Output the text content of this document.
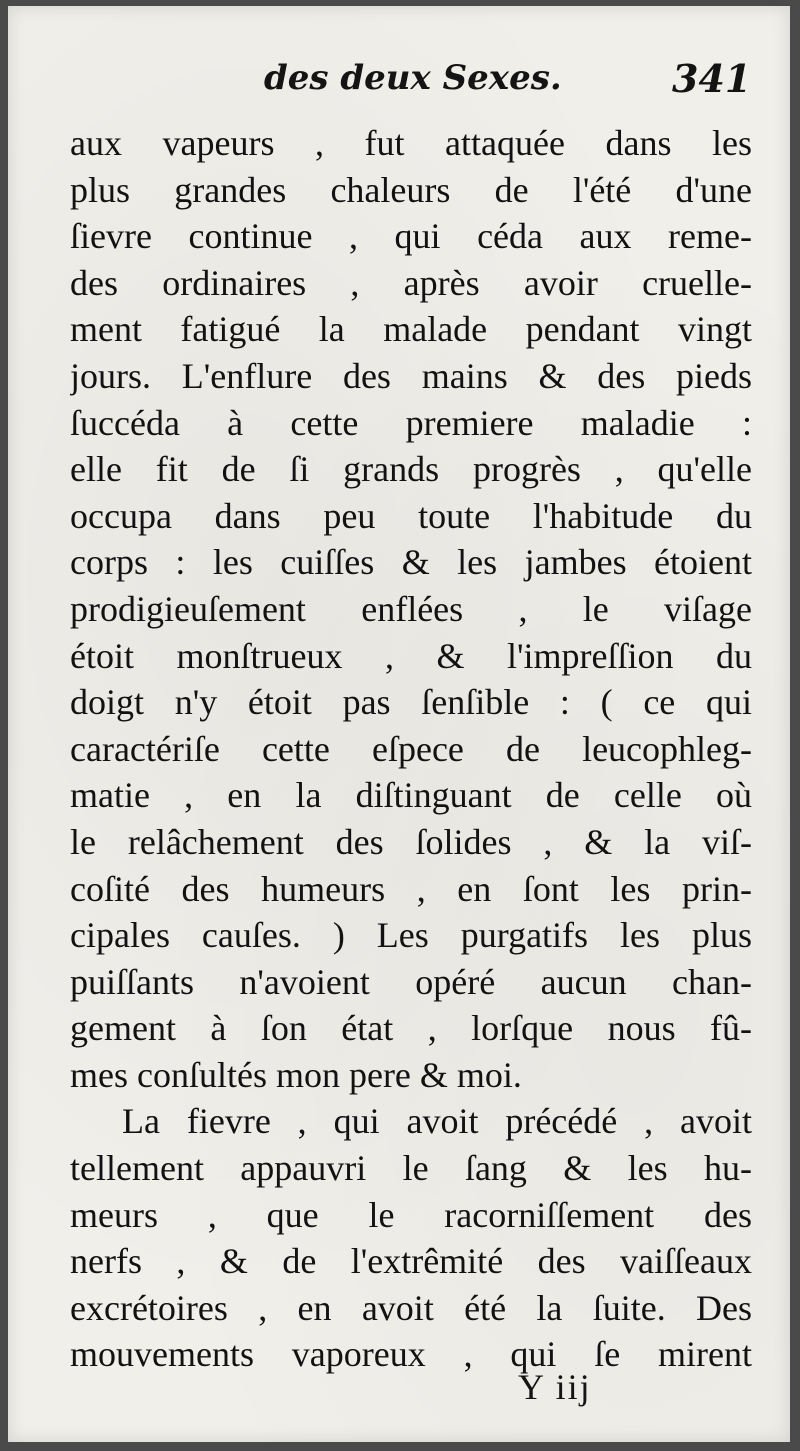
des deux Sexes.	341
aux vapeurs , fut attaquée dans les
plus grandes chaleurs de l'été d'une
ſievre continue , qui céda aux reme-
des ordinaires , après avoir cruelle-
ment fatigué la malade pendant vingt
jours. L'enflure des mains & des pieds
ſuccéda à cette premiere maladie :
elle fit de ſi grands progrès , qu'elle
occupa dans peu toute l'habitude du
corps : les cuiſſes & les jambes étoient
prodigieuſement enflées , le viſage
étoit monſtrueux , & l'impreſſion du
doigt n'y étoit pas ſenſible : ( ce qui
caractériſe cette eſpece de leucophleg-
matie , en la diſtinguant de celle où
le relâchement des ſolides , & la viſ-
coſité des humeurs , en ſont les prin-
cipales cauſes. ) Les purgatifs les plus
puiſſants n'avoient opéré aucun chan-
gement à ſon état , lorſque nous fû-
mes conſultés mon pere & moi.
La fievre , qui avoit précédé , avoit
tellement appauvri le ſang & les hu-
meurs , que le racorniſſement des
nerfs , & de l'extrêmité des vaiſſeaux
excrétoires , en avoit été la ſuite. Des
mouvements vaporeux , qui ſe mirent
Y iij
